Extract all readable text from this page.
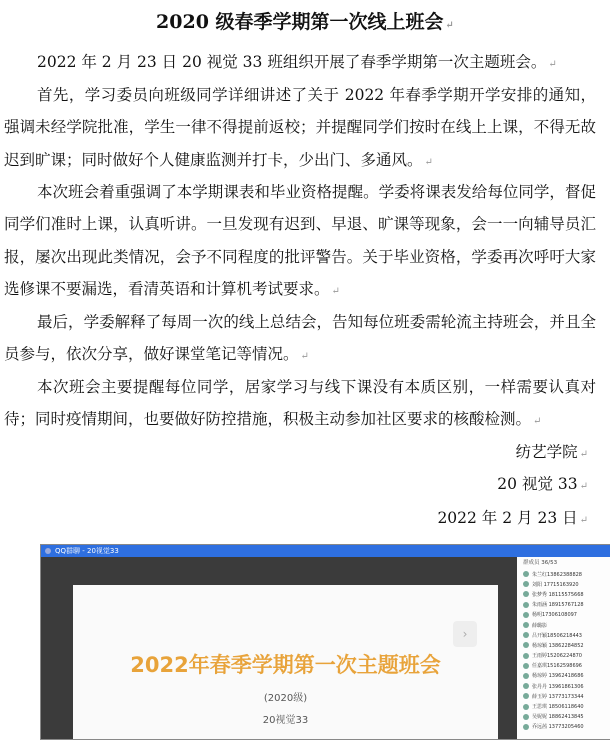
2020 级春季学期第一次线上班会 ↵
2022 年 2 月 23 日 20 视觉 33 班组织开展了春季学期第一次主题班会。 ↵
首先，学习委员向班级同学详细讲述了关于 2022 年春季学期开学安排的通知，强调未经学院批准，学生一律不得提前返校；并提醒同学们按时在线上上课，不得无故迟到旷课；同时做好个人健康监测并打卡，少出门、多通风。 ↵
本次班会着重强调了本学期课表和毕业资格提醒。学委将课表发给每位同学，督促同学们准时上课，认真听讲。一旦发现有迟到、早退、旷课等现象，会一一向辅导员汇报，屡次出现此类情况，会予不同程度的批评警告。关于毕业资格，学委再次呼吁大家选修课不要漏选，看清英语和计算机考试要求。 ↵
最后，学委解释了每周一次的线上总结会，告知每位班委需轮流主持班会，并且全员参与，依次分享，做好课堂笔记等情况。 ↵
本次班会主要提醒每位同学，居家学习与线下课没有本质区别，一样需要认真对待；同时疫情期间，也要做好防控措施，积极主动参加社区要求的核酸检测。 ↵
纺艺学院 ↵
20 视觉 33 ↵
2022 年 2 月 23 日 ↵
QQ群聊 - 20视觉33
2022年春季学期第一次主题班会
(2020级)
20视觉33
›
群成员 36/53
朱兰红13862388828
刘阳 17715163920
张梦秀 18115575668
朱雨涵 18915767128
杨明17306108097
薛璐影
吕开颖18506218443
杨琼颖 13862284852
王雨婷15206224870
任嘉琪15162598696
杨琼婷 13962418686
张丹丹 13961861306
薛玉婷 13773173344
王思琪 18506118640
吴妮妮 18862413845
乔远茜 13773205460
